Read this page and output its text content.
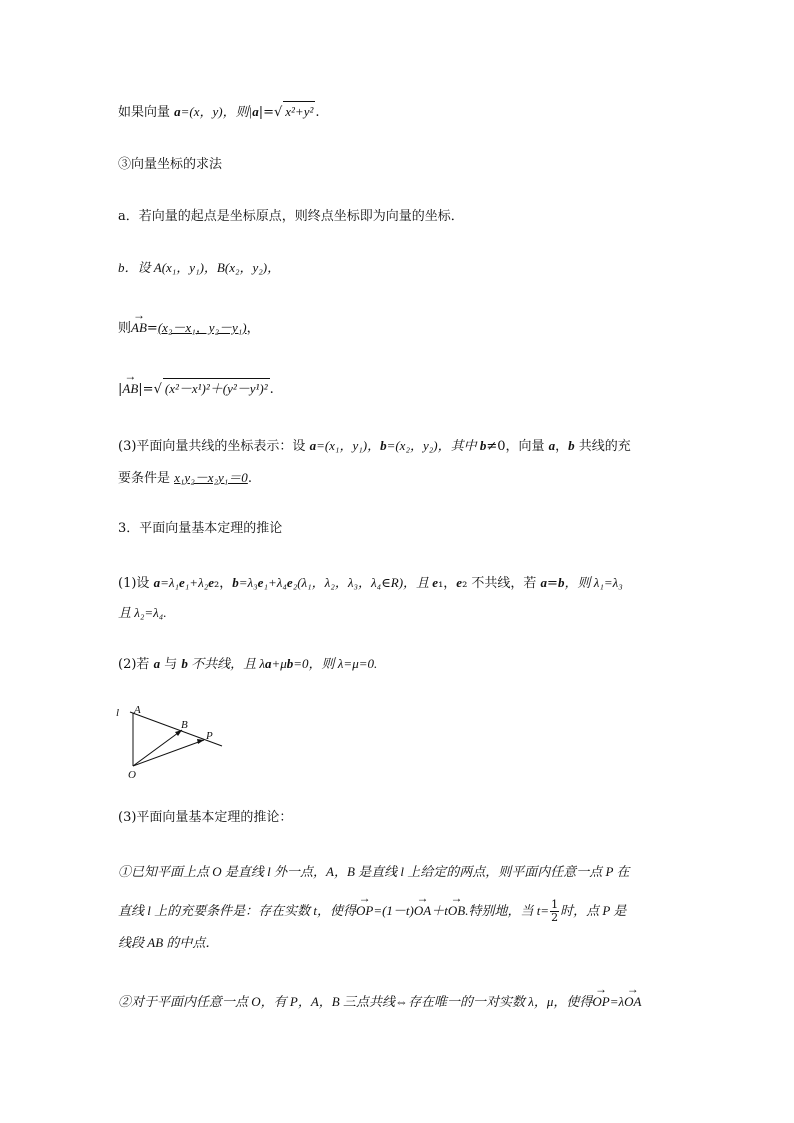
如果向量 a=(x，y)，则|a|=√ x²+y² .
③向量坐标的求法
a．若向量的起点是坐标原点，则终点坐标即为向量的坐标．
b．设 A(x₁，y₁)，B(x₂，y₂)，
则→ AB=(x₂－x₁，y₂－y₁)，
|→ AB|=√ (x²－x¹)²＋(y²－y¹)² .
(3)平面向量共线的坐标表示：设 a=(x₁，y₁)，b=(x₂，y₂)，其中 b≠0，向量 a，b 共线的充
要条件是 x₁y₂－x₂y₁＝0.
3．平面向量基本定理的推论
(1)设 a=λ₁e₁+λ₂e₂，b=λ₃e₁+λ₄e₂(λ₁，λ₂，λ₃，λ₄∈R)，且 e₁，e₂ 不共线，若 a=b，则 λ₁=λ₃
且 λ₂=λ₄.
(2)若 a 与 b 不共线，且 λa+μb=0，则 λ=μ=0.
l A
B
P
O
(3)平面向量基本定理的推论：
①已知平面上点 O 是直线 l 外一点，A，B 是直线 l 上给定的两点，则平面内任意一点 P 在
直线 l 上的充要条件是：存在实数 t，使得→ OP=(1－t)→ OA＋t→ OB.特别地，当 $t= \frac{1}{2}$ 时，点 P 是
线段 AB 的中点．
②对于平面内任意一点 O，有 P，A，B 三点共线⇔存在唯一的一对实数 λ，μ，使得→ OP=λ→ OA
